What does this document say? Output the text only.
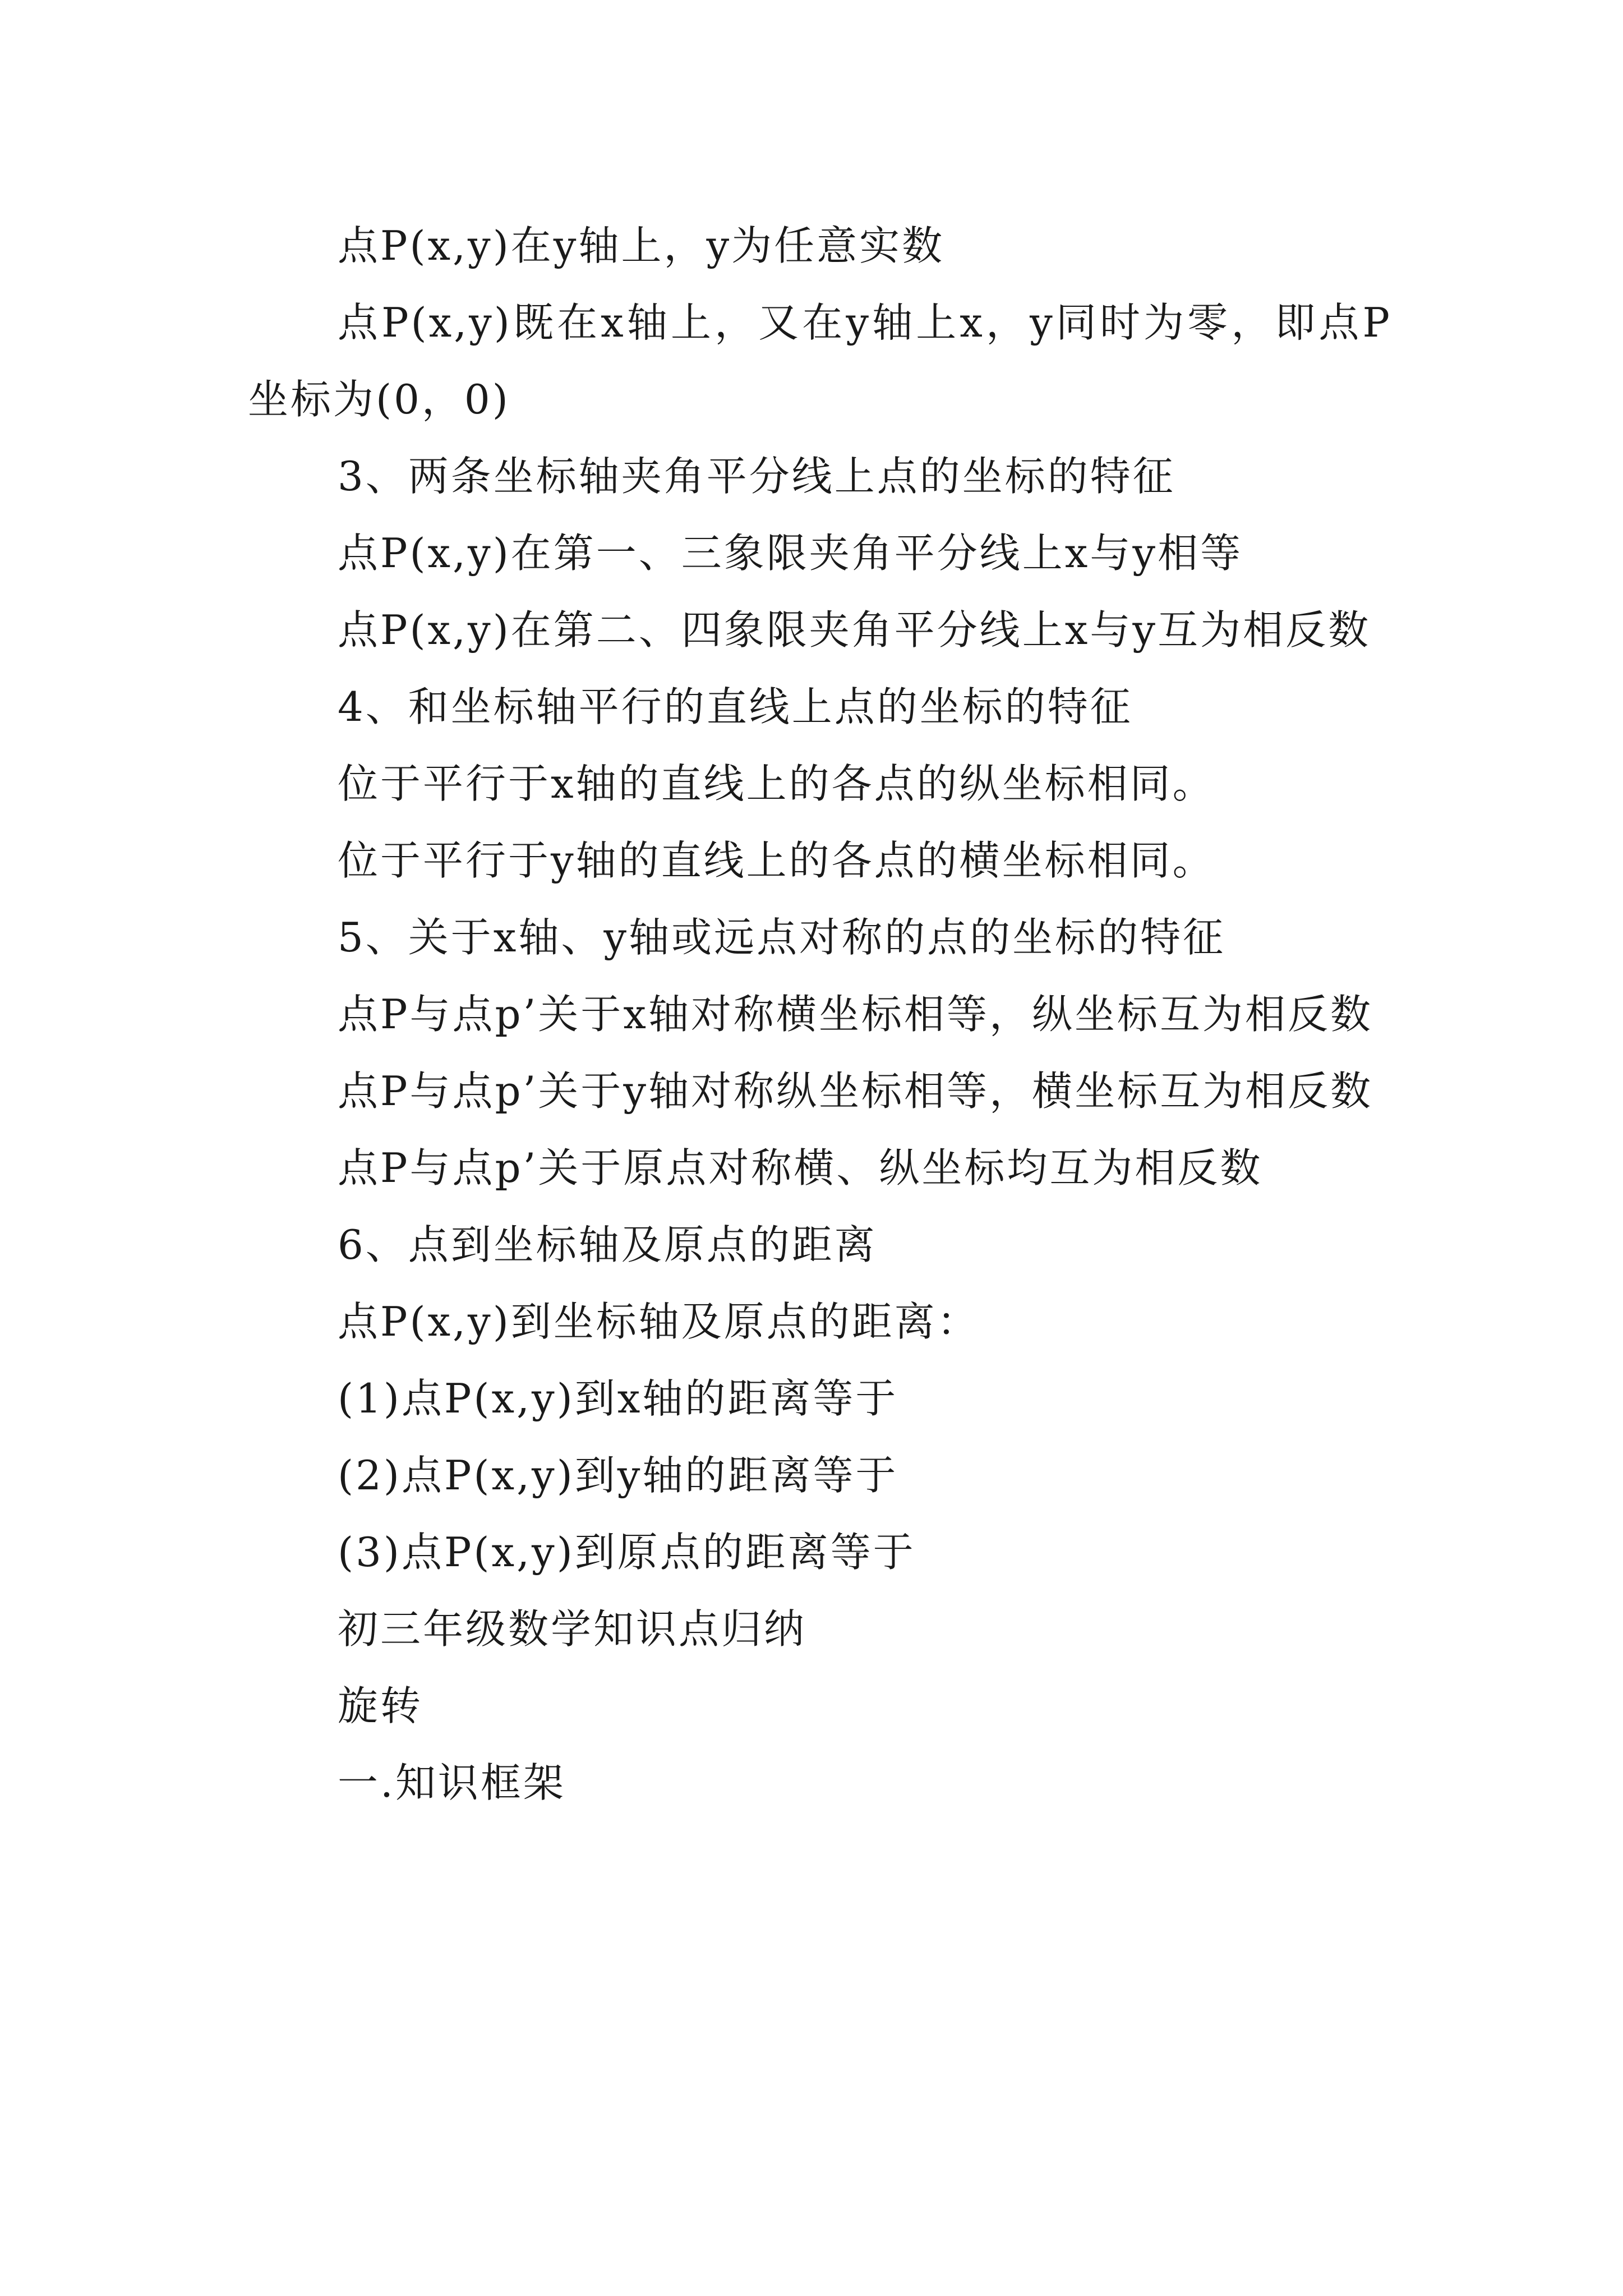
点P(x,y)在y轴上，y为任意实数

点P(x,y)既在x轴上，又在y轴上x，y同时为零，即点P坐标为(0，0)

3、两条坐标轴夹角平分线上点的坐标的特征

点P(x,y)在第一、三象限夹角平分线上x与y相等

点P(x,y)在第二、四象限夹角平分线上x与y互为相反数

4、和坐标轴平行的直线上点的坐标的特征

位于平行于x轴的直线上的各点的纵坐标相同。

位于平行于y轴的直线上的各点的横坐标相同。

5、关于x轴、y轴或远点对称的点的坐标的特征

点P与点p’关于x轴对称横坐标相等，纵坐标互为相反数

点P与点p’关于y轴对称纵坐标相等，横坐标互为相反数

点P与点p’关于原点对称横、纵坐标均互为相反数

6、点到坐标轴及原点的距离

点P(x,y)到坐标轴及原点的距离：

(1)点P(x,y)到x轴的距离等于

(2)点P(x,y)到y轴的距离等于

(3)点P(x,y)到原点的距离等于

初三年级数学知识点归纳

旋转

一.知识框架
